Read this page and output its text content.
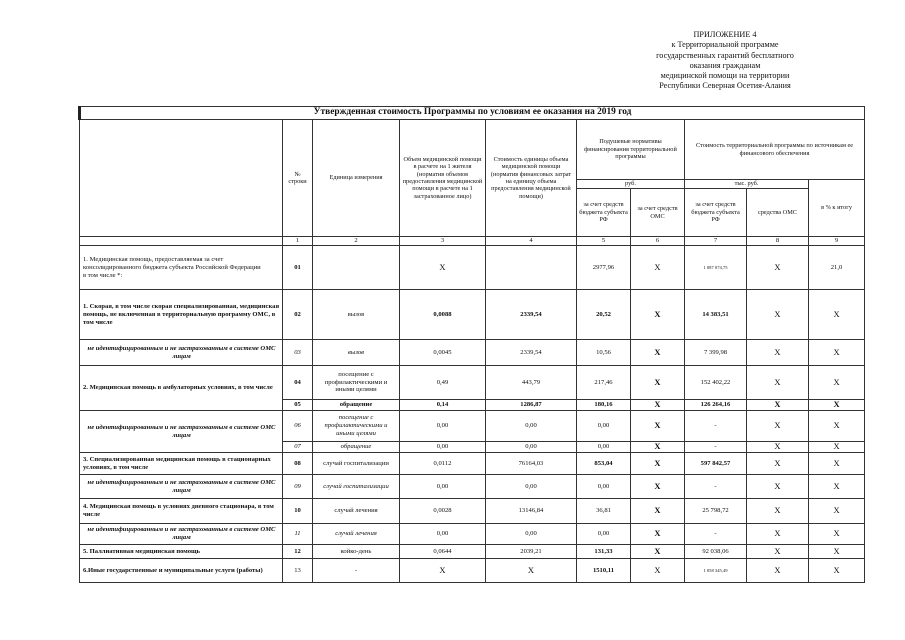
ПРИЛОЖЕНИЕ 4
к Территориальной программе
государственных гарантий бесплатного
оказания гражданам
медицинской помощи на территории
Республики Северная Осетия-Алания
Утвержденная стоимость Программы по условиям ее оказания на 2019 год									
	№ строки	Единица измерения	Объем медицинской помощи в расчете на 1 жителя (норматив объемов предоставления медицинской помощи в расчете на 1 застрахованное лицо)	Стоимость единицы объема медицинской помощи (норматив финансовых затрат на единицу объема предоставления медицинской помощи)	Подушевые нормативы финансирования территориальной программы		Стоимость территориальной программы по источникам ее финансового обеспечения		
					руб.		тыс. руб.		в % к итогу
					за счет средств бюджета субъекта РФ	за счет средств ОМС	за счет средств бюджета субъекта РФ	средства ОМС	
	1	2	3	4	5	6	7	8	9
1. Медицинская помощь, предоставляемая за счет консолидированного бюджета субъекта Российской Федерации
в том числе *:	01		X		2977,96	X	1 087 074,75	X	21,0
1. Скорая, в том числе скорая специализированная, медицинская помощь, не включенная в территориальную программу ОМС, в том числе	02	вызов	0,0088	2339,54	20,52	X	14 383,51	X	X
не идентифицированным и не застрахованным в системе ОМС лицам	03	вызов	0,0045	2339,54	10,56	X	7 399,98	X	X
2. Медицинская помощь в амбулаторных условиях, в том числе	04	посещение с профилактическими и иными целями	0,49	443,79	217,46	X	152 402,22	X	X
	05	обращение	0,14	1286,87	180,16	X	126 264,16	X	X
не идентифицированным и не застрахованным в системе ОМС лицам	06	посещение с профилактическими и иными целями	0,00	0,00	0,00	X	-	X	X
	07	обращение	0,00	0,00	0,00	X	-	X	X
3. Специализированная медицинская помощь в стационарных условиях, в том числе	08	случай госпитализации	0,0112	76164,03	853,04	X	597 842,57	X	X
не идентифицированным и не застрахованным в системе ОМС лицам	09	случай госпитализации	0,00	0,00	0,00	X	-	X	X
4. Медицинская помощь в условиях дневного стационара, в том числе	10	случай лечения	0,0028	13146,84	36,81	X	25 798,72	X	X
не идентифицированным и не застрахованным в системе ОМС лицам	11	случай лечения	0,00	0,00	0,00	X	-	X	X
5. Паллиативная медицинская помощь	12	койко-день	0,0644	2039,21	131,33	X	92 038,06	X	X
6.Иные государственные и муниципальные услуги (работы)	13	-	X	X	1510,11	X	1 058 345,49	X	X
